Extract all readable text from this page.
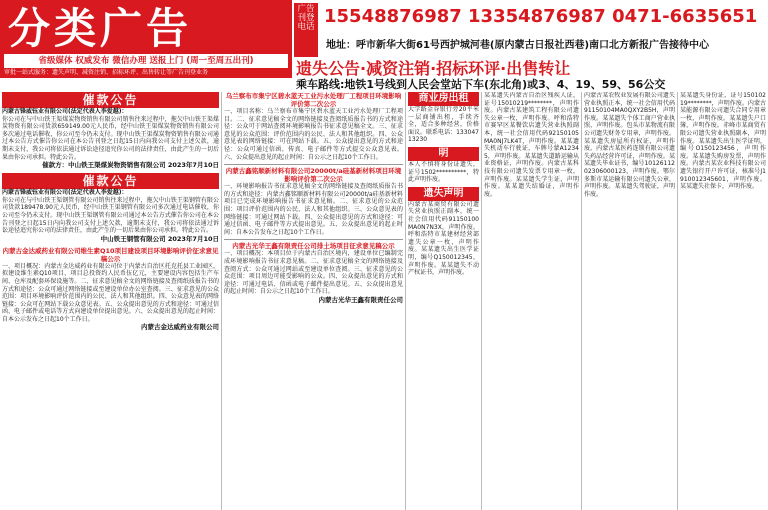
分类广告
省级媒体 权威发布 微信办理 送报上门 (周一至周五出刊)
审批一站式服务：遗失声明、减资注销、招标环评、出售转让等广告刊登业务
广告刊登电话 15548876987 13354876987 0471-6635651
地址：呼市新华大街61号西护城河巷(原内蒙古日报社西巷)南口北方新报广告接待中心
遗失公告·减资注销·招标环评·出售转让
乘车路线:地铁1号线到人民会堂站下车(东北角)或3、4、19、59、56公交
催款公告
内蒙古锋威钰业有限公司(法定代表人李爱越)：
你公司在与中山铁王渠煤炭物资销售有限公司销售往来过程中，拖欠中山铁王渠煤炭物资有限公司货款659149.00元人民币，经中山铁王渠煤炭物资销售有限公司多次通过电话催收，你公司至今仍未支付。现中山铁王渠煤炭物资销售有限公司通过本公告方式催告你公司在本公告刊登之日起15日内向我公司支付上述欠款，逾期未支付，我公司将依法通过诉讼途径追究你公司的法律责任，由此产生的一切后果由你公司承担。特此公告。
催款方：中山铁王渠煤炭物资销售有限公司 2023年7月10日
催款公告
内蒙古锋威钰业有限公司(法定代表人李爱越)：
你公司在与中山铁王渠钢管有限公司销售往来过程中，拖欠中山铁王渠钢管有限公司货款189478.90元人民币，经中山铁王渠钢管有限公司多次通过电话催收，你公司至今仍未支付。现中山铁王渠钢管有限公司通过本公告方式催告你公司在本公告刊登之日起15日内向我公司支付上述欠款，逾期未支付，我公司将依法通过诉讼途径追究你公司的法律责任，由此产生的一切后果由你公司承担。特此公告。
中山铁王钢管有限公司 2023年7月10日
内蒙古金达威药业有限公司维生素Q10项目建设项目环境影响评价征求意见稿公示
一、项目概况：内蒙古金达威药业有限公司位于内蒙古自治区托克托县工业园区，拟建设维生素Q10项目，项目总投资约人民币伍亿元，主要建设内容包括生产车间、仓库及配套环保设施等。二、征求意见稿全文的网络链接及查阅纸质报告书的方式和途径：公众可通过网络链接或至建设单位办公室查阅。三、征求意见的公众范围：项目环境影响评价范围内的公民、法人和其他组织。四、公众意见表的网络链接：公众可在网站下载公众意见表。五、公众提出意见的方式和途径：可通过信函、电子邮件或电话等方式向建设单位提出意见。六、公众提出意见的起止时间：自本公示发布之日起10个工作日。
内蒙古金达威药业有限公司
乌兰察布市集宁区碧水蓝天工业污水处理厂工程项目环境影响评价第二次公示
一、项目名称：乌兰察布市集宁区碧水蓝天工业污水处理厂工程项目。二、征求意见稿全文的网络链接及查阅纸质报告书的方式和途径：公众可于网站查阅环境影响报告书征求意见稿全文。三、征求意见的公众范围：评价范围内的公民、法人和其他组织。四、公众意见表的网络链接：可在网站下载。五、公众提出意见的方式和途径：公众可通过信函、传真、电子邮件等方式提交公众意见表。六、公众提出意见的起止时间：自公示之日起10个工作日。
内蒙古鑫铭顺新材料有限公司20000t/a硅基新材料项目环境影响评价第二次公示
一、环境影响报告书征求意见稿全文的网络链接及查阅纸质报告书的方式和途径：内蒙古鑫铭顺新材料有限公司20000t/a硅基新材料项目已完成环境影响报告书征求意见稿。二、征求意见的公众范围：项目评价范围内的公民、法人和其他组织。三、公众意见表的网络链接：可通过网站下载。四、公众提出意见的方式和途径：可通过信函、电子邮件等方式提出意见。五、公众提出意见的起止时间：自本公告发布之日起10个工作日。
内蒙古光华王鑫有限责任公司排土场项目征求意见稿公示
一、项目概况：本项目位于内蒙古自治区境内，建设单位已编制完成环境影响报告书征求意见稿。二、征求意见稿全文的网络链接及查阅方式：公众可通过网站或至建设单位查阅。三、征求意见的公众范围：项目周边可能受影响的公众。四、公众提出意见的方式和途径：可通过电话、信函或电子邮件提出意见。五、公众提出意见的起止时间：自公示之日起10个工作日。
内蒙古光华王鑫有限责任公司
商业房出租
大学路金谷银行旁20平米一层商铺出租，手续齐全，适合多种经营，价格面议。联系电话：13304713230
明
本人不慎将身份证遗失，证号1502**********，特此声明作废。
遗失声明
内蒙古某商贸有限公司遗失营业执照正副本，统一社会信用代码91150100MA0N7N3X，声明作废。呼和浩特市某建材经营部遗失公章一枚，声明作废。某某遗失出生医学证明，编号Q150012345，声明作废。某某遗失不动产权证书，声明作废。
某某遗失内蒙古自治区残疾人证，证号15010219********，声明作废。内蒙古某建筑工程有限公司遗失公章一枚，声明作废。呼和浩特市赛罕区某餐饮店遗失营业执照副本，统一社会信用代码92150105MA0NJ7LK4T，声明作废。某某遗失机动车行驶证，车牌号蒙A12345，声明作废。某某遗失道路运输从业资格证，声明作废。内蒙古某科技有限公司遗失发票专用章一枚，声明作废。某某遗失学生证，声明作废。某某遗失结婚证，声明作废。
内蒙古某农牧业发展有限公司遗失营业执照正本，统一社会信用代码91150104MA0QXY2B5H，声明作废。某某遗失个体工商户营业执照，声明作废。包头市某物流有限公司遗失财务专用章，声明作废。某某遗失房屋所有权证，声明作废。内蒙古某医药连锁有限公司遗失药品经营许可证，声明作废。某某遗失毕业证书，编号1012611202306000123，声明作废。鄂尔多斯市某运输有限公司遗失公章，声明作废。某某遗失驾驶证，声明作废。
某某遗失身份证，证号15010219********，声明作废。内蒙古某能源有限公司遗失合同专用章一枚，声明作废。某某遗失户口簿，声明作废。赤峰市某商贸有限公司遗失营业执照副本，声明作废。某某遗失出生医学证明，编号O150123456，声明作废。某某遗失购房发票，声明作废。内蒙古某农业科技有限公司遗失银行开户许可证，核准号J1910012345601，声明作废。某某遗失社保卡，声明作废。
